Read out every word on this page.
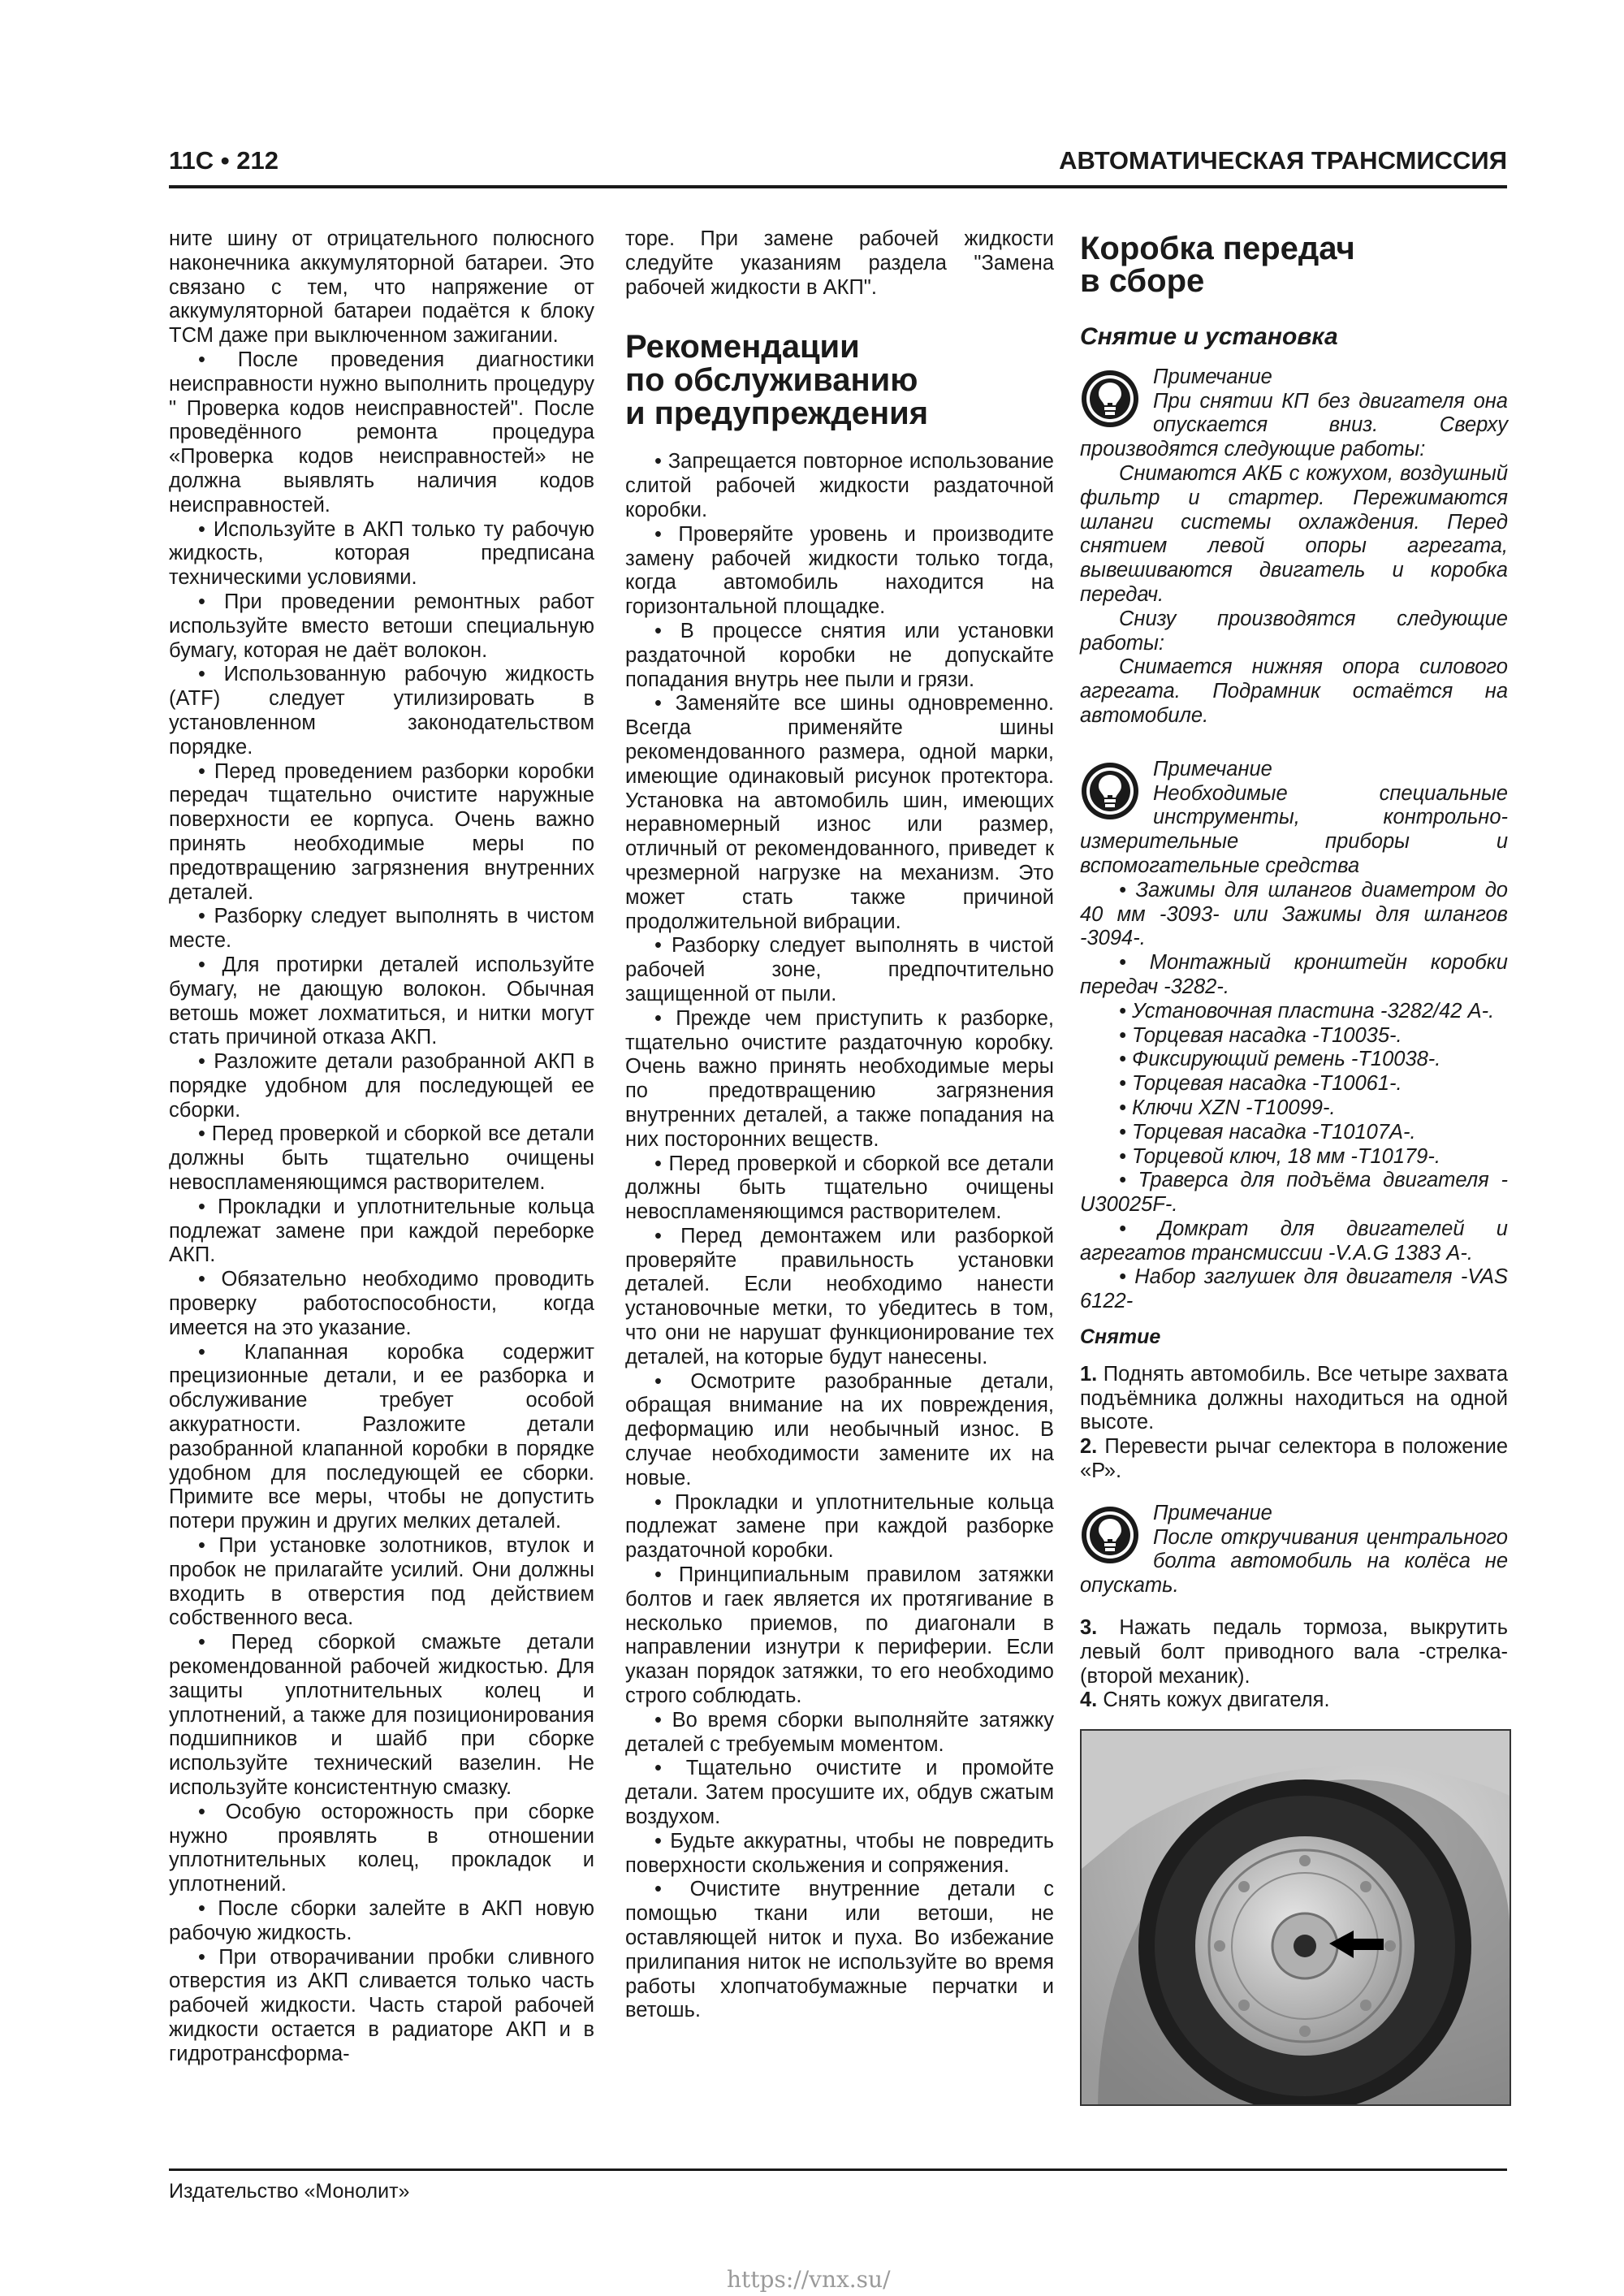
11C • 212	АВТОМАТИЧЕСКАЯ ТРАНСМИССИЯ

ните шину от отрицательного полюсного наконечника аккумуляторной батареи. Это связано с тем, что напряжение от аккумуляторной батареи подаётся к блоку ТСМ даже при выключенном зажигании.

• После проведения диагностики неисправности нужно выполнить процедуру " Проверка кодов неисправностей". После проведённого ремонта процедура «Проверка кодов неисправностей» не должна выявлять наличия кодов неисправностей.

• Используйте в АКП только ту рабочую жидкость, которая предписана техническими условиями.

• При проведении ремонтных работ используйте вместо ветоши специальную бумагу, которая не даёт волокон.

• Использованную рабочую жидкость (ATF) следует утилизировать в установленном законодательством порядке.

• Перед проведением разборки коробки передач тщательно очистите наружные поверхности ее корпуса. Очень важно принять необходимые меры по предотвращению загрязнения внутренних деталей.

• Разборку следует выполнять в чистом месте.

• Для протирки деталей используйте бумагу, не дающую волокон. Обычная ветошь может лохматиться, и нитки могут стать причиной отказа АКП.

• Разложите детали разобранной АКП в порядке удобном для последующей ее сборки.

• Перед проверкой и сборкой все детали должны быть тщательно очищены невоспламеняющимся растворителем.

• Прокладки и уплотнительные кольца подлежат замене при каждой переборке АКП.

• Обязательно необходимо проводить проверку работоспособности, когда имеется на это указание.

• Клапанная коробка содержит прецизионные детали, и ее разборка и обслуживание требует особой аккуратности. Разложите детали разобранной клапанной коробки в порядке удобном для последующей ее сборки. Примите все меры, чтобы не допустить потери пружин и других мелких деталей.

• При установке золотников, втулок и пробок не прилагайте усилий. Они должны входить в отверстия под действием собственного веса.

• Перед сборкой смажьте детали рекомендованной рабочей жидкостью. Для защиты уплотнительных колец и уплотнений, а также для позиционирования подшипников и шайб при сборке используйте технический вазелин. Не используйте консистентную смазку.

• Особую осторожность при сборке нужно проявлять в отношении уплотнительных колец, прокладок и уплотнений.

• После сборки залейте в АКП новую рабочую жидкость.

• При отворачивании пробки сливного отверстия из АКП сливается только часть рабочей жидкости. Часть старой рабочей жидкости остается в радиаторе АКП и в гидротрансформа-

торе. При замене рабочей жидкости следуйте указаниям раздела "Замена рабочей жидкости в АКП".

Рекомендации
по обслуживанию
и предупреждения

• Запрещается повторное использование слитой рабочей жидкости раздаточной коробки.

• Проверяйте уровень и производите замену рабочей жидкости только тогда, когда автомобиль находится на горизонтальной площадке.

• В процессе снятия или установки раздаточной коробки не допускайте попадания внутрь нее пыли и грязи.

• Заменяйте все шины одновременно. Всегда применяйте шины рекомендованного размера, одной марки, имеющие одинаковый рисунок протектора. Установка на автомобиль шин, имеющих неравномерный износ или размер, отличный от рекомендованного, приведет к чрезмерной нагрузке на механизм. Это может стать также причиной продолжительной вибрации.

• Разборку следует выполнять в чистой рабочей зоне, предпочтительно защищенной от пыли.

• Прежде чем приступить к разборке, тщательно очистите раздаточную коробку. Очень важно принять необходимые меры по предотвращению загрязнения внутренних деталей, а также попадания на них посторонних веществ.

• Перед проверкой и сборкой все детали должны быть тщательно очищены невоспламеняющимся растворителем.

• Перед демонтажем или разборкой проверяйте правильность установки деталей. Если необходимо нанести установочные метки, то убедитесь в том, что они не нарушат функционирование тех деталей, на которые будут нанесены.

• Осмотрите разобранные детали, обращая внимание на их повреждения, деформацию или необычный износ. В случае необходимости замените их на новые.

• Прокладки и уплотнительные кольца подлежат замене при каждой разборке раздаточной коробки.

• Принципиальным правилом затяжки болтов и гаек является их протягивание в несколько приемов, по диагонали в направлении изнутри к периферии. Если указан порядок затяжки, то его необходимо строго соблюдать.

• Во время сборки выполняйте затяжку деталей с требуемым моментом.

• Тщательно очистите и промойте детали. Затем просушите их, обдув сжатым воздухом.

• Будьте аккуратны, чтобы не повредить поверхности скольжения и сопряжения.

• Очистите внутренние детали с помощью ткани или ветоши, не оставляющей ниток и пуха. Во избежание прилипания ниток не используйте во время работы хлопчатобумажные перчатки и ветошь.

Коробка передач
в сборе
Снятие и установка
Примечание

При снятии КП без двигателя она опускается вниз. Сверху производятся следующие работы:

Снимаются АКБ с кожухом, воздушный фильтр и стартер. Пережимаются шланги системы охлаждения. Перед снятием левой опоры агрегата, вывешиваются двигатель и коробка передач.

Снизу производятся следующие работы:

Снимается нижняя опора силового агрегата. Подрамник остаётся на автомобиле.

Примечание

Необходимые специальные инструменты, контрольно-измерительные приборы и вспомогательные средства

• Зажимы для шлангов диаметром до 40 мм -3093- или Зажимы для шлангов -3094-.

• Монтажный кронштейн коробки передач -3282-.

• Установочная пластина -3282/42 А-.

• Торцевая насадка -Т10035-.

• Фиксирующий ремень -Т10038-.

• Торцевая насадка -Т10061-.

• Ключи XZN -Т10099-.

• Торцевая насадка -Т10107А-.

• Торцевой ключ, 18 мм -Т10179-.

• Траверса для подъёма двигателя -U30025F-.

• Домкрат для двигателей и агрегатов трансмиссии -V.A.G 1383 А-.

• Набор заглушек для двигателя -VAS 6122-

Снятие

1. Поднять автомобиль. Все четыре захвата подъёмника должны находиться на одной высоте.

2. Перевести рычаг селектора в положение «Р».

Примечание

После откручивания центрального болта автомобиль на колёса не опускать.

3. Нажать педаль тормоза, выкрутить левый болт приводного вала -стрелка- (второй механик).

4. Снять кожух двигателя.

Издательство «Монолит»
https://vnx.su/
